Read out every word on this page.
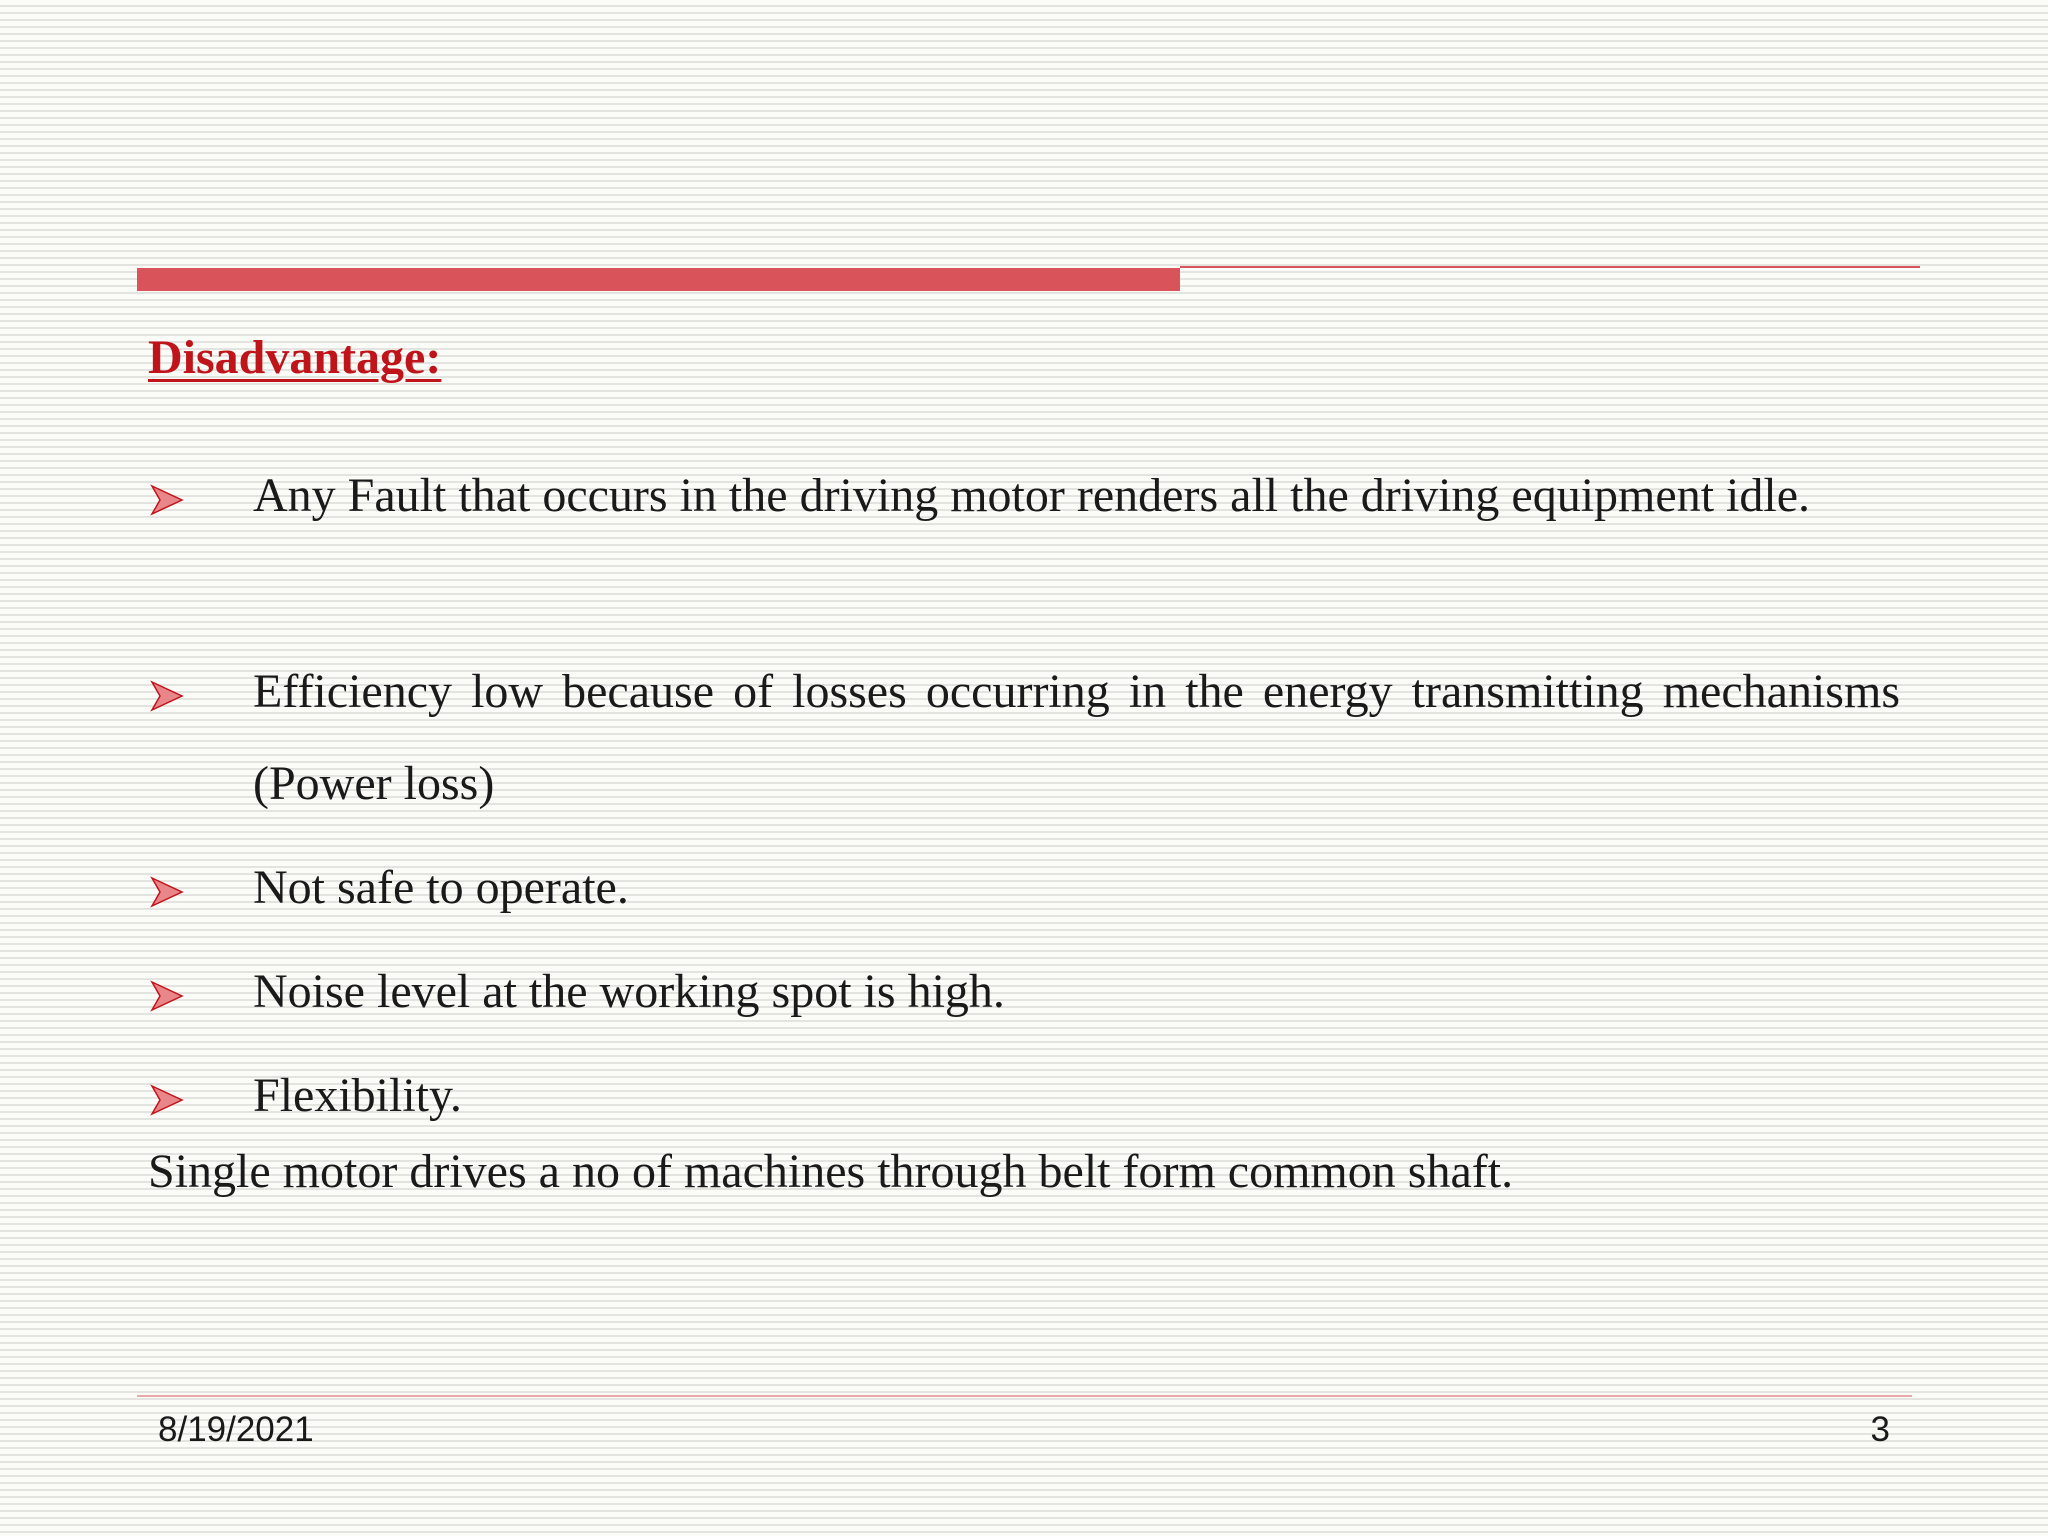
Disadvantage:
Any Fault that occurs in the driving motor renders all the driving equipment idle.
Efficiency low because of losses occurring in the energy transmitting mechanisms (Power loss)
Not safe to operate.
Noise level at the working spot is high.
Flexibility.
Single motor drives a no of machines through belt form common shaft.
8/19/2021	3
